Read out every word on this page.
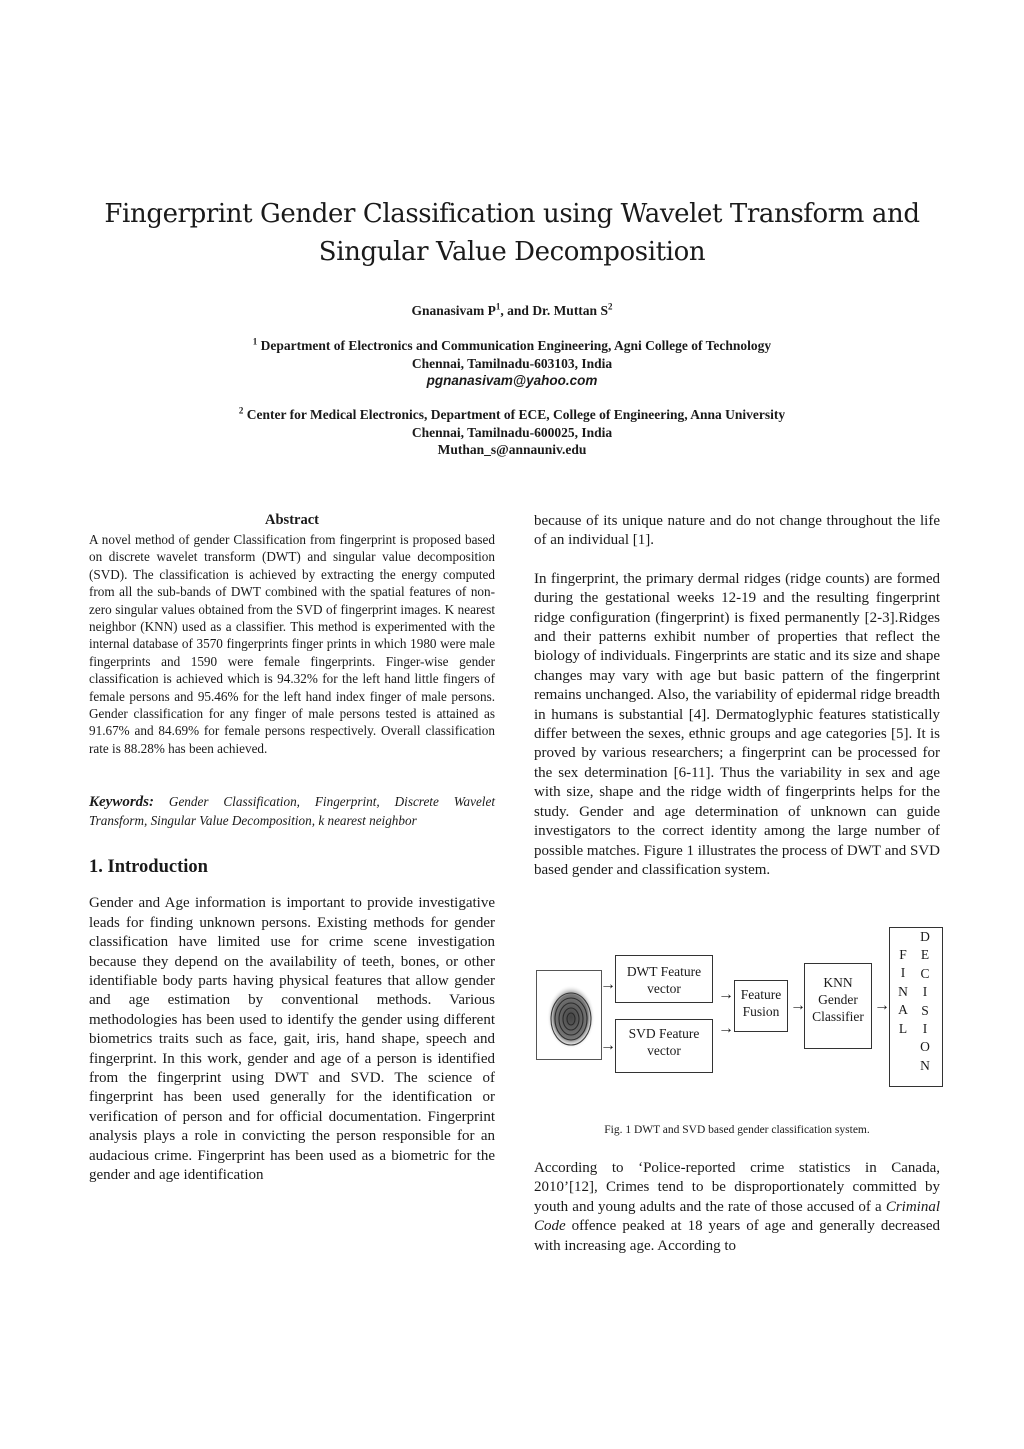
Fingerprint Gender Classification using Wavelet Transform and
Singular Value Decomposition
Gnanasivam $P^1$, and Dr. Muttan $S^2$
$^1$ Department of Electronics and Communication Engineering, Agni College of Technology
Chennai, Tamilnadu-603103, India
pgnanasivam@yahoo.com
$^2$ Center for Medical Electronics, Department of ECE, College of Engineering, Anna University
Chennai, Tamilnadu-600025, India
Muthan_s@annauniv.edu
Abstract
A novel method of gender Classification from fingerprint is proposed based on discrete wavelet transform (DWT) and singular value decomposition (SVD). The classification is achieved by extracting the energy computed from all the sub-bands of DWT combined with the spatial features of non-zero singular values obtained from the SVD of fingerprint images. K nearest neighbor (KNN) used as a classifier. This method is experimented with the internal database of 3570 fingerprints finger prints in which 1980 were male fingerprints and 1590 were female fingerprints. Finger-wise gender classification is achieved which is 94.32% for the left hand little fingers of female persons and 95.46% for the left hand index finger of male persons. Gender classification for any finger of male persons tested is attained as 91.67% and 84.69% for female persons respectively. Overall classification rate is 88.28% has been achieved.
Keywords: Gender Classification, Fingerprint, Discrete Wavelet Transform, Singular Value Decomposition, k nearest neighbor
1. Introduction
Gender and Age information is important to provide investigative leads for finding unknown persons. Existing methods for gender classification have limited use for crime scene investigation because they depend on the availability of teeth, bones, or other identifiable body parts having physical features that allow gender and age estimation by conventional methods. Various methodologies has been used to identify the gender using different biometrics traits such as face, gait, iris, hand shape, speech and fingerprint. In this work, gender and age of a person is identified from the fingerprint using DWT and SVD. The science of fingerprint has been used generally for the identification or verification of person and for official documentation. Fingerprint analysis plays a role in convicting the person responsible for an audacious crime. Fingerprint has been used as a biometric for the gender and age identification

because of its unique nature and do not change throughout the life of an individual [1].

In fingerprint, the primary dermal ridges (ridge counts) are formed during the gestational weeks 12-19 and the resulting fingerprint ridge configuration (fingerprint) is fixed permanently [2-3].Ridges and their patterns exhibit number of properties that reflect the biology of individuals. Fingerprints are static and its size and shape changes may vary with age but basic pattern of the fingerprint remains unchanged. Also, the variability of epidermal ridge breadth in humans is substantial [4]. Dermatoglyphic features statistically differ between the sexes, ethnic groups and age categories [5]. It is proved by various researchers; a fingerprint can be processed for the sex determination [6-11]. Thus the variability in sex and age with size, shape and the ridge width of fingerprints helps for the study. Gender and age determination of unknown can guide investigators to the correct identity among the large number of possible matches. Figure 1 illustrates the process of DWT and SVD based gender and classification system.

DWT Feature vector
SVD Feature vector
Feature Fusion
KNN Gender Classifier
F
I
N
A
L
D
E
C
I
S
I
O
N
→
→
→
→
→	→
Fig. 1 DWT and SVD based gender classification system.
According to ‘Police-reported crime statistics in Canada, 2010’[12], Crimes tend to be disproportionately committed by youth and young adults and the rate of those accused of a Criminal Code offence peaked at 18 years of age and generally decreased with increasing age. According to
